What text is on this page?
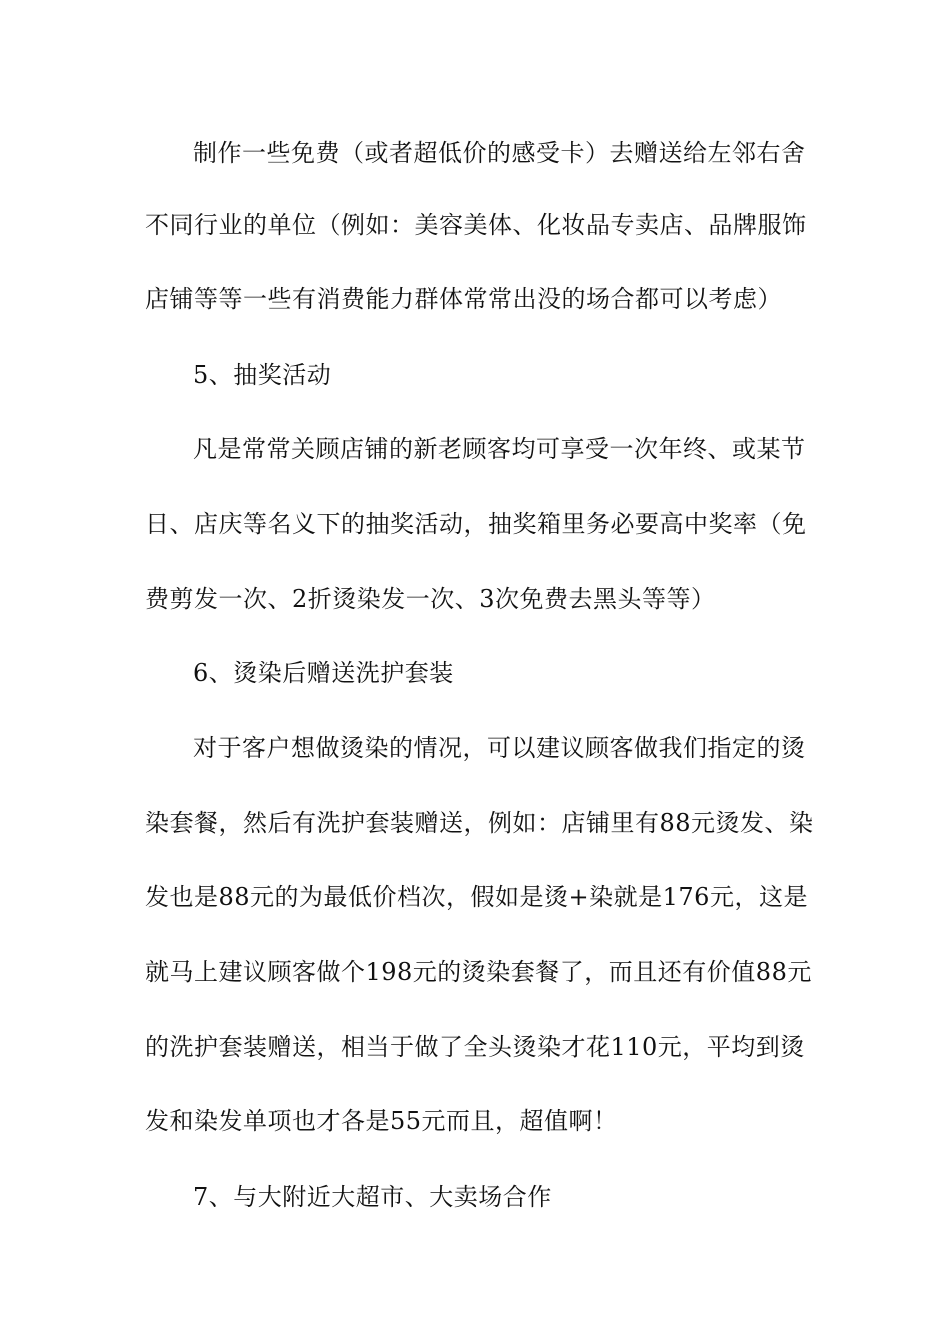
制作一些免费（或者超低价的感受卡）去赠送给左邻右舍
不同行业的单位（例如：美容美体、化妆品专卖店、品牌服饰
店铺等等一些有消费能力群体常常出没的场合都可以考虑）
5、抽奖活动
凡是常常关顾店铺的新老顾客均可享受一次年终、或某节
日、店庆等名义下的抽奖活动，抽奖箱里务必要高中奖率（免
费剪发一次、2折烫染发一次、3次免费去黑头等等）
6、烫染后赠送洗护套装
对于客户想做烫染的情况，可以建议顾客做我们指定的烫
染套餐，然后有洗护套装赠送，例如：店铺里有88元烫发、染
发也是88元的为最低价档次，假如是烫+染就是176元，这是
就马上建议顾客做个198元的烫染套餐了，而且还有价值88元
的洗护套装赠送，相当于做了全头烫染才花110元，平均到烫
发和染发单项也才各是55元而且，超值啊！
7、与大附近大超市、大卖场合作
